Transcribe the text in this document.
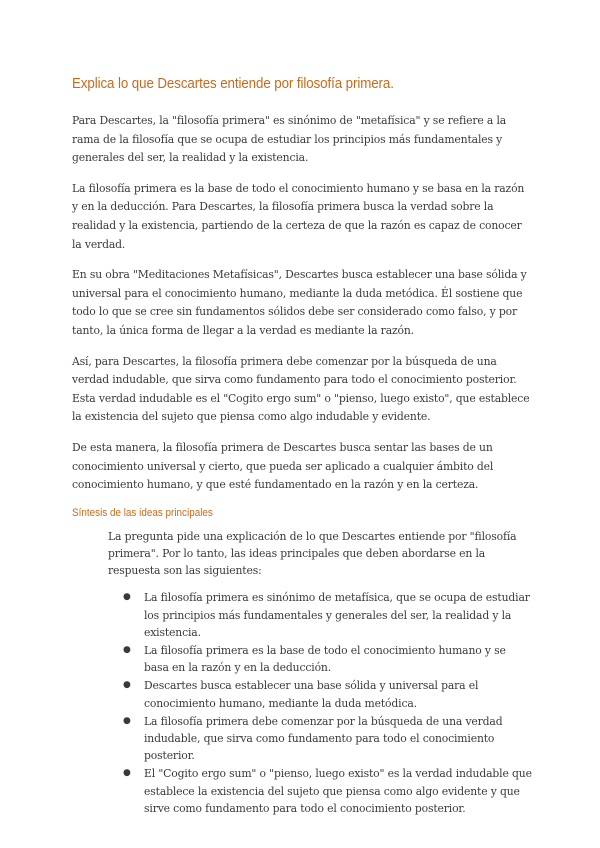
Explica lo que Descartes entiende por filosofía primera.

Para Descartes, la "filosofía primera" es sinónimo de "metafísica" y se refiere a la rama de la filosofía que se ocupa de estudiar los principios más fundamentales y generales del ser, la realidad y la existencia.

La filosofía primera es la base de todo el conocimiento humano y se basa en la razón y en la deducción. Para Descartes, la filosofía primera busca la verdad sobre la realidad y la existencia, partiendo de la certeza de que la razón es capaz de conocer la verdad.

En su obra "Meditaciones Metafísicas", Descartes busca establecer una base sólida y universal para el conocimiento humano, mediante la duda metódica. Él sostiene que todo lo que se cree sin fundamentos sólidos debe ser considerado como falso, y por tanto, la única forma de llegar a la verdad es mediante la razón.

Así, para Descartes, la filosofía primera debe comenzar por la búsqueda de una verdad indudable, que sirva como fundamento para todo el conocimiento posterior. Esta verdad indudable es el "Cogito ergo sum" o "pienso, luego existo", que establece la existencia del sujeto que piensa como algo indudable y evidente.

De esta manera, la filosofía primera de Descartes busca sentar las bases de un conocimiento universal y cierto, que pueda ser aplicado a cualquier ámbito del conocimiento humano, y que esté fundamentado en la razón y en la certeza.

Síntesis de las ideas principales

La pregunta pide una explicación de lo que Descartes entiende por "filosofía primera". Por lo tanto, las ideas principales que deben abordarse en la respuesta son las siguientes:

● La filosofía primera es sinónimo de metafísica, que se ocupa de estudiar los principios más fundamentales y generales del ser, la realidad y la existencia.
● La filosofía primera es la base de todo el conocimiento humano y se basa en la razón y en la deducción.
● Descartes busca establecer una base sólida y universal para el conocimiento humano, mediante la duda metódica.
● La filosofía primera debe comenzar por la búsqueda de una verdad indudable, que sirva como fundamento para todo el conocimiento posterior.
● El "Cogito ergo sum" o "pienso, luego existo" es la verdad indudable que establece la existencia del sujeto que piensa como algo evidente y que sirve como fundamento para todo el conocimiento posterior.
